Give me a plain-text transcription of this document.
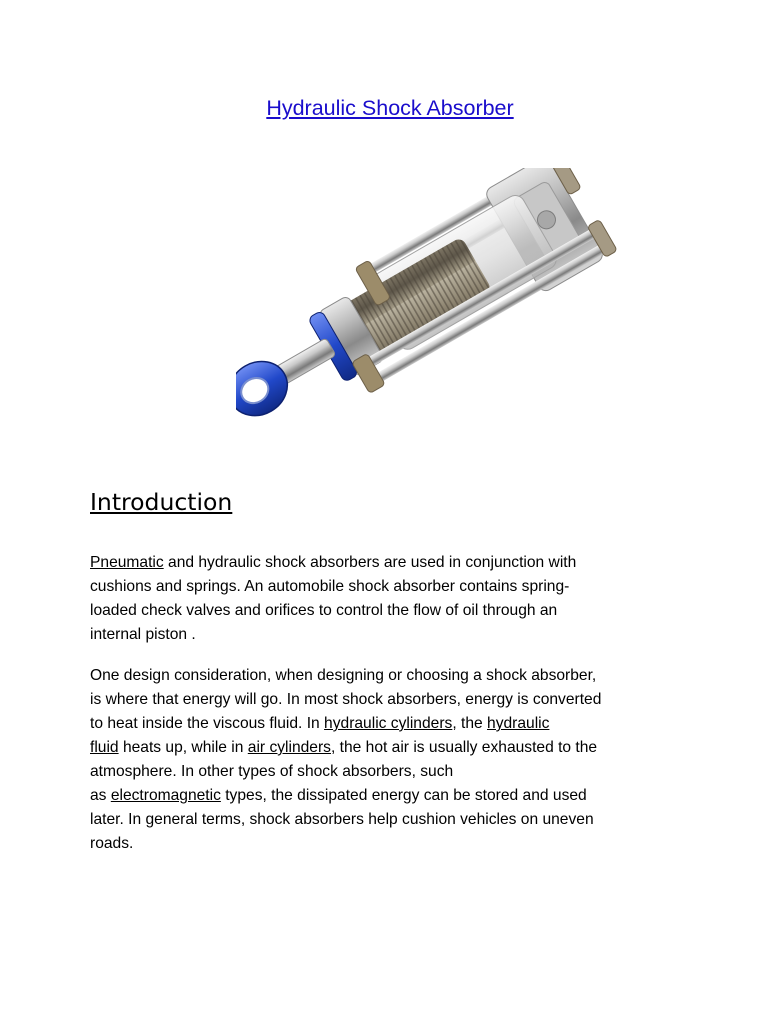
Hydraulic Shock Absorber
Introduction

Pneumatic and hydraulic shock absorbers are used in conjunction with
cushions and springs. An automobile shock absorber contains spring-
loaded check valves and orifices to control the flow of oil through an
internal piston .

One design consideration, when designing or choosing a shock absorber,
is where that energy will go. In most shock absorbers, energy is converted
to heat inside the viscous fluid. In hydraulic cylinders, the hydraulic
fluid heats up, while in air cylinders, the hot air is usually exhausted to the
atmosphere. In other types of shock absorbers, such
as electromagnetic types, the dissipated energy can be stored and used
later. In general terms, shock absorbers help cushion vehicles on uneven
roads.
